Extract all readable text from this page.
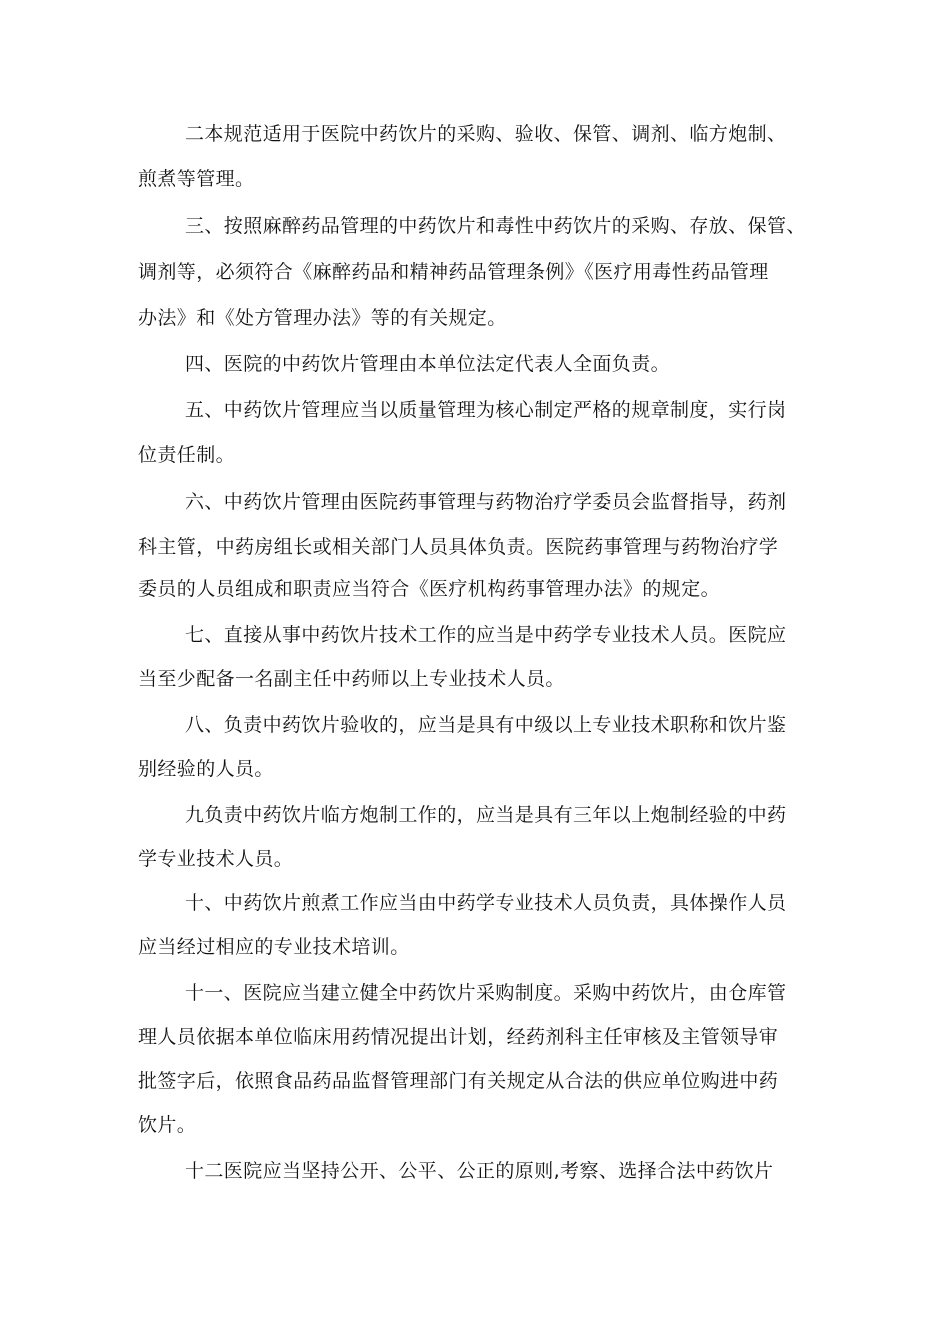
二本规范适用于医院中药饮片的采购、验收、保管、调剂、临方炮制、
煎煮等管理。
三、按照麻醉药品管理的中药饮片和毒性中药饮片的采购、存放、保管、
调剂等，必须符合《麻醉药品和精神药品管理条例》《医疗用毒性药品管理
办法》和《处方管理办法》等的有关规定。
四、医院的中药饮片管理由本单位法定代表人全面负责。
五、中药饮片管理应当以质量管理为核心制定严格的规章制度，实行岗
位责任制。
六、中药饮片管理由医院药事管理与药物治疗学委员会监督指导，药剂
科主管，中药房组长或相关部门人员具体负责。医院药事管理与药物治疗学
委员的人员组成和职责应当符合《医疗机构药事管理办法》的规定。
七、直接从事中药饮片技术工作的应当是中药学专业技术人员。医院应
当至少配备一名副主任中药师以上专业技术人员。
八、负责中药饮片验收的，应当是具有中级以上专业技术职称和饮片鉴
别经验的人员。
九负责中药饮片临方炮制工作的，应当是具有三年以上炮制经验的中药
学专业技术人员。
十、中药饮片煎煮工作应当由中药学专业技术人员负责，具体操作人员
应当经过相应的专业技术培训。
十一、医院应当建立健全中药饮片采购制度。采购中药饮片，由仓库管
理人员依据本单位临床用药情况提出计划，经药剂科主任审核及主管领导审
批签字后，依照食品药品监督管理部门有关规定从合法的供应单位购进中药
饮片。
十二医院应当坚持公开、公平、公正的原则,考察、选择合法中药饮片
